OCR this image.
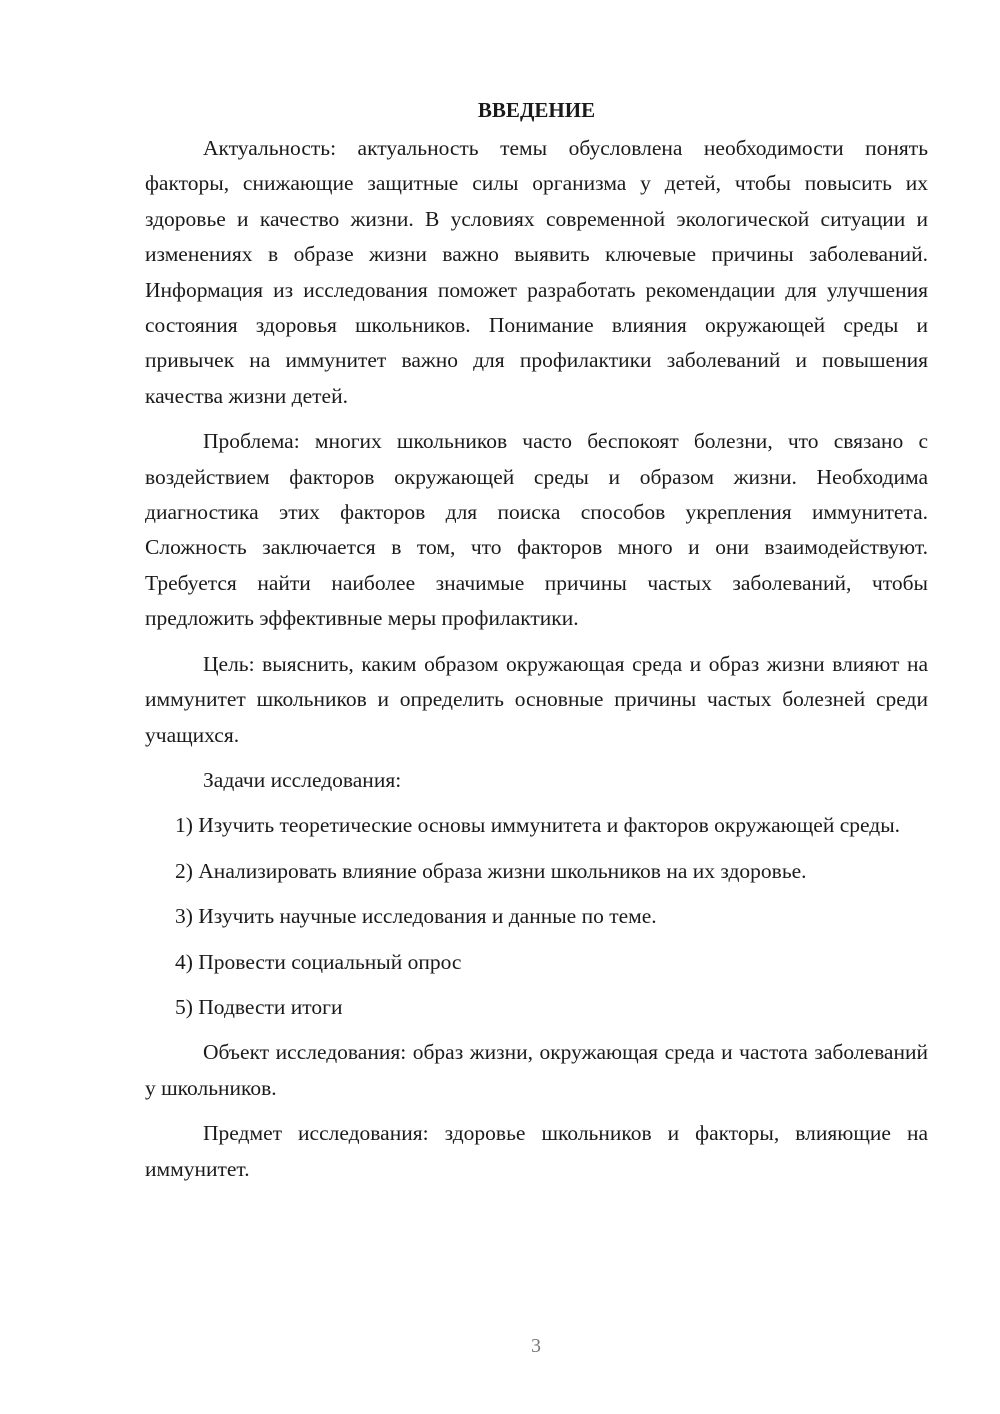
ВВЕДЕНИЕ

Актуальность: актуальность темы обусловлена необходимости понять факторы, снижающие защитные силы организма у детей, чтобы повысить их здоровье и качество жизни. В условиях современной экологической ситуации и изменениях в образе жизни важно выявить ключевые причины заболеваний. Информация из исследования поможет разработать рекомендации для улучшения состояния здоровья школьников. Понимание влияния окружающей среды и привычек на иммунитет важно для профилактики заболеваний и повышения качества жизни детей.

Проблема: многих школьников часто беспокоят болезни, что связано с воздействием факторов окружающей среды и образом жизни. Необходима диагностика этих факторов для поиска способов укрепления иммунитета. Сложность заключается в том, что факторов много и они взаимодействуют. Требуется найти наиболее значимые причины частых заболеваний, чтобы предложить эффективные меры профилактики.

Цель: выяснить, каким образом окружающая среда и образ жизни влияют на иммунитет школьников и определить основные причины частых болезней среди учащихся.

Задачи исследования:

1) Изучить теоретические основы иммунитета и факторов окружающей среды.

2) Анализировать влияние образа жизни школьников на их здоровье.

3) Изучить научные исследования и данные по теме.

4) Провести социальный опрос

5) Подвести итоги

Объект исследования: образ жизни, окружающая среда и частота заболеваний у школьников.

Предмет исследования: здоровье школьников и факторы, влияющие на иммунитет.

3
